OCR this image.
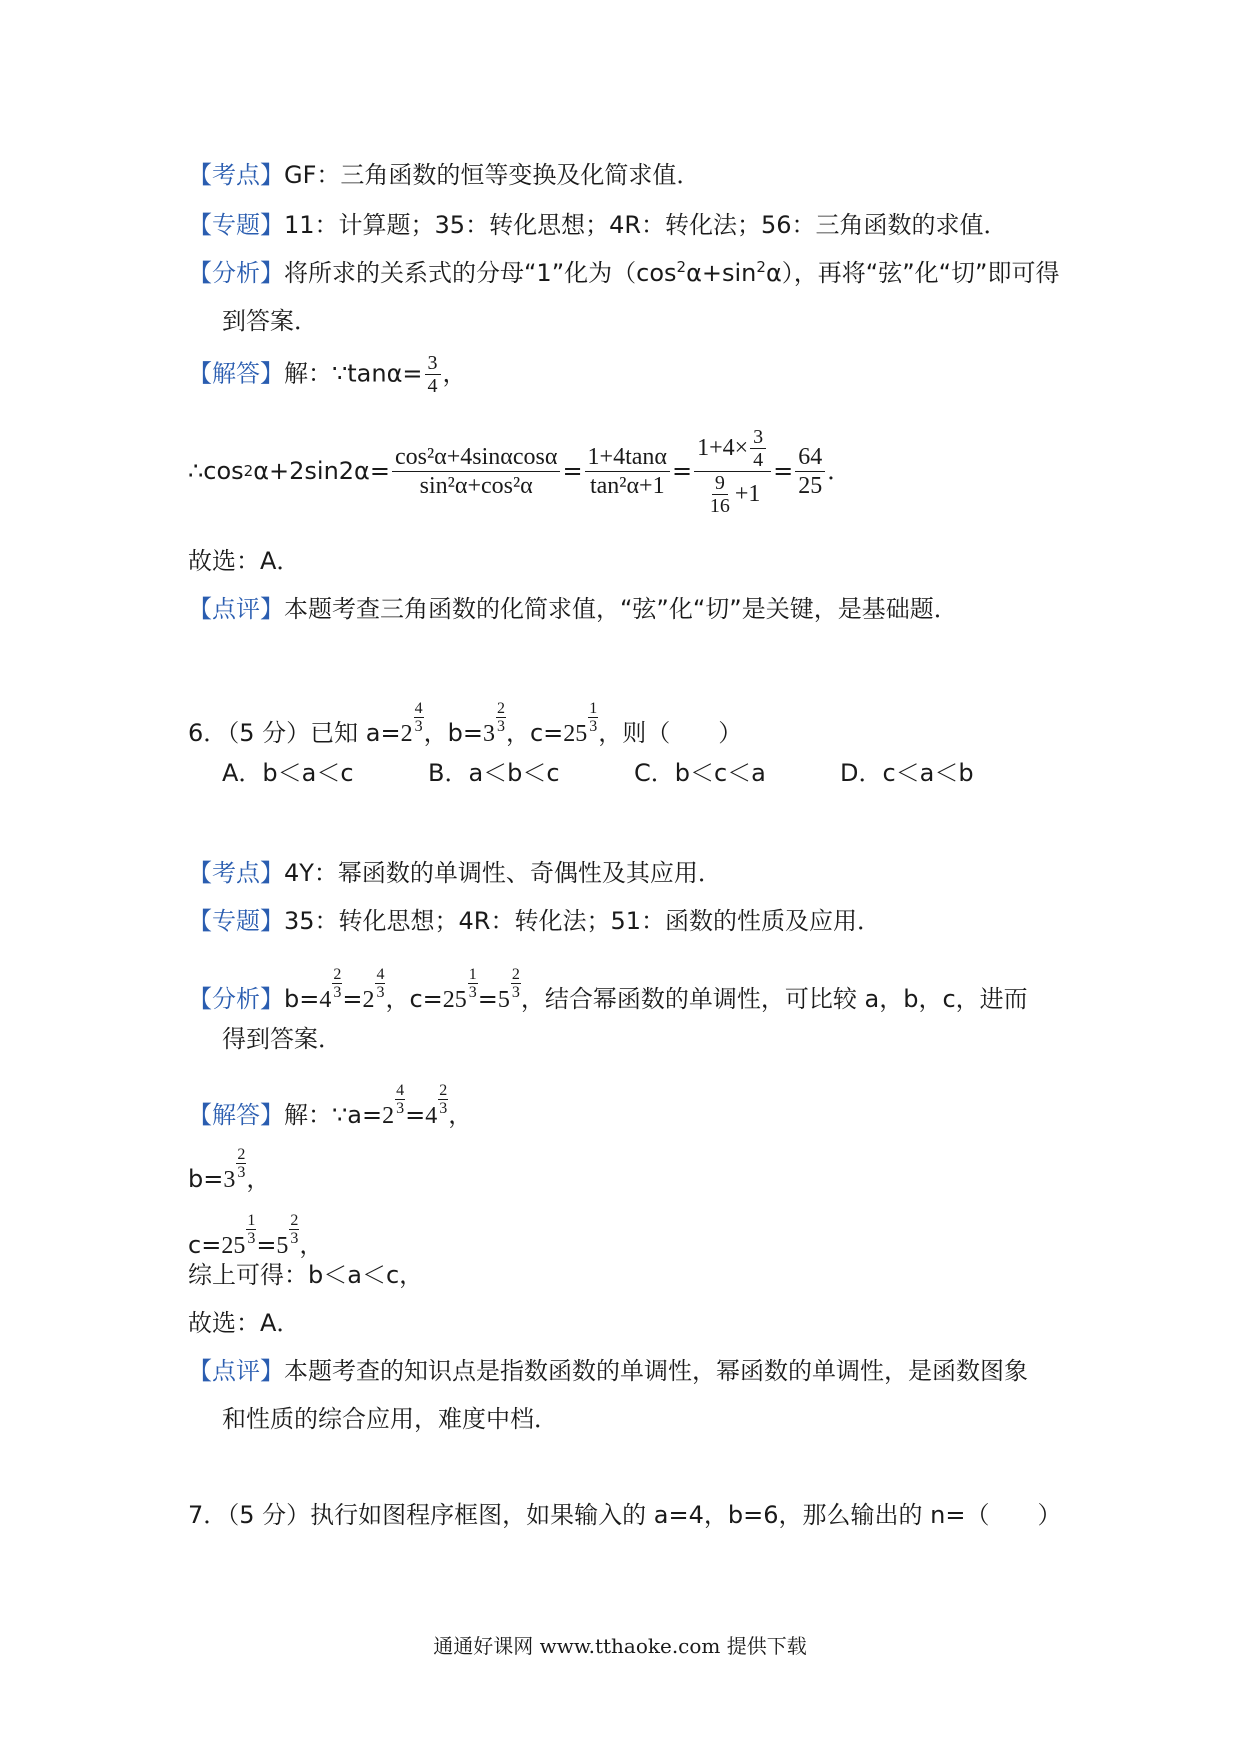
【考点】GF：三角函数的恒等变换及化简求值．
【专题】11：计算题；35：转化思想；4R：转化法；56：三角函数的求值．
【分析】将所求的关系式的分母“1”化为$(\cos^2\alpha+\sin^2\alpha)$，再将“弦”化“切”即可得
到答案．
【解答】解：∵tanα= $\frac{3}{4}$ ，
∴cos 2 $\alpha+2\sin 2\alpha= \frac{\text{cos²α+4sinαcosα}}{\text{sin²α+cos²α}} = \frac{1+4\tan\alpha}{\text{tan²α+1}} = \frac{1+4\times \frac{3}{4}}{\frac{9}{16} +1} = \frac{64}{25}$ ．
故选：A．
【点评】本题考查三角函数的化简求值，“弦”化“切”是关键，是基础题．
6．（5 分）已知 $a= 2 \frac{4}{3}$ ，$b= 3 \frac{2}{3}$ ，$c= 25 \frac{1}{3}$ ，则（　　）
A．b＜a＜c	B．a＜b＜c	C．b＜c＜a	D．c＜a＜b
【考点】4Y：幂函数的单调性、奇偶性及其应用．
【专题】35：转化思想；4R：转化法；51：函数的性质及应用．
【分析】$b= 4 \frac{2}{3} = 2 \frac{4}{3}$ ，$c= 25 \frac{1}{3} = 5 \frac{2}{3}$ ，结合幂函数的单调性，可比较 a，b，c，进而
得到答案．
【解答】解：∵a= $2 \frac{4}{3} = 4 \frac{2}{3}$ ，
$b= 3 \frac{2}{3}$ ，
$c= 25 \frac{1}{3} = 5 \frac{2}{3}$ ，
综上可得：b＜a＜c，
故选：A．
【点评】本题考查的知识点是指数函数的单调性，幂函数的单调性，是函数图象
和性质的综合应用，难度中档．
7．（5 分）执行如图程序框图，如果输入的 a=4，b=6，那么输出的 n=（　　）
通通好课网 www.tthaoke.com 提供下载
